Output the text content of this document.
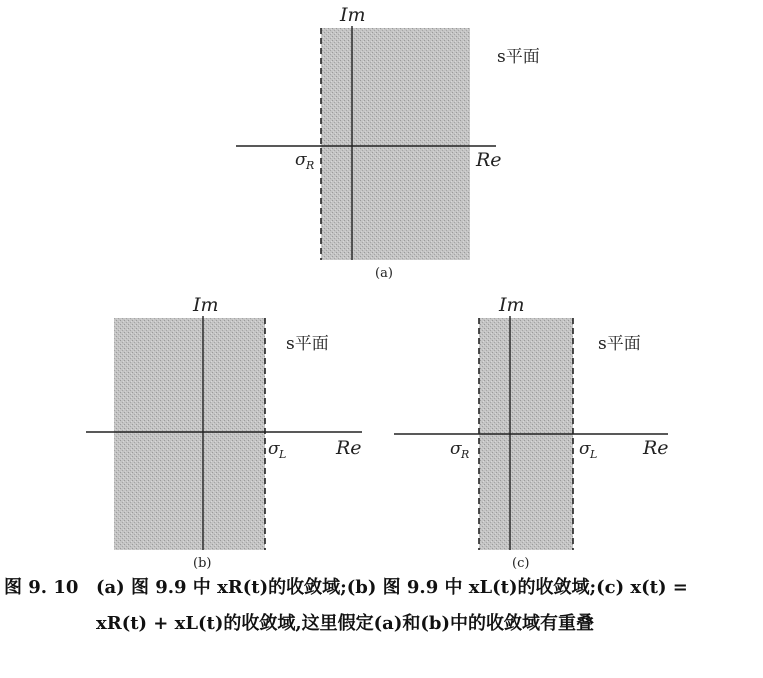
Im
Re
s平面
σ R
(a)
Im
Re
s平面
σ L
(b)
Im
Re
s平面
σ R	σ L
(c)
图 9. 10 (a) 图 9.9 中 xR(t)的收敛域;(b) 图 9.9 中 xL(t)的收敛域;(c) x(t) =
xR(t) + xL(t)的收敛域,这里假定(a)和(b)中的收敛域有重叠
